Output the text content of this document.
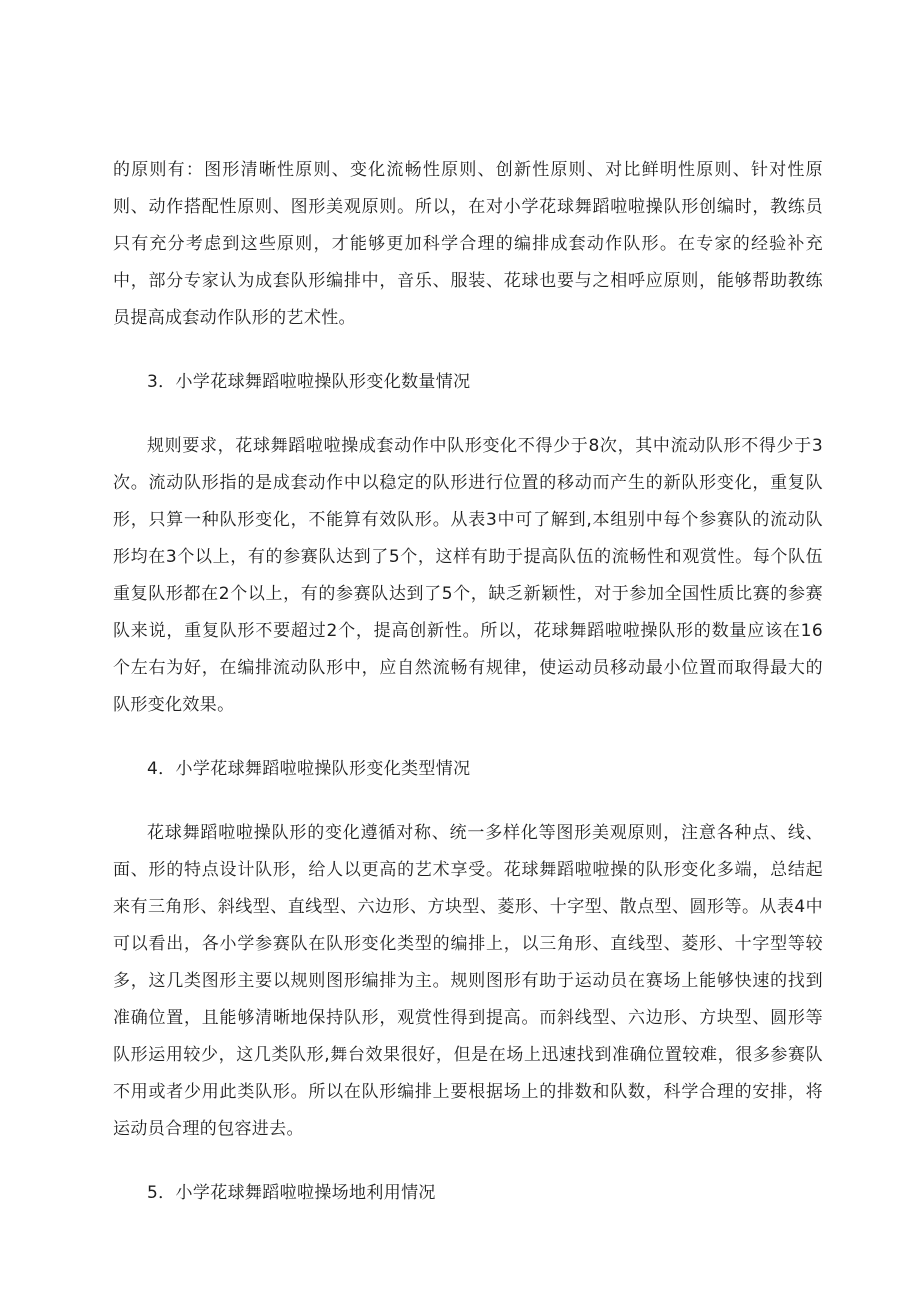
的原则有：图形清晰性原则、变化流畅性原则、创新性原则、对比鲜明性原则、针对性原则、动作搭配性原则、图形美观原则。所以，在对小学花球舞蹈啦啦操队形创编时，教练员只有充分考虑到这些原则，才能够更加科学合理的编排成套动作队形。在专家的经验补充中，部分专家认为成套队形编排中，音乐、服装、花球也要与之相呼应原则，能够帮助教练员提高成套动作队形的艺术性。

3．小学花球舞蹈啦啦操队形变化数量情况

规则要求，花球舞蹈啦啦操成套动作中队形变化不得少于8次，其中流动队形不得少于3次。流动队形指的是成套动作中以稳定的队形进行位置的移动而产生的新队形变化，重复队形，只算一种队形变化，不能算有效队形。从表3中可了解到,本组别中每个参赛队的流动队形均在3个以上，有的参赛队达到了5个，这样有助于提高队伍的流畅性和观赏性。每个队伍重复队形都在2个以上，有的参赛队达到了5个，缺乏新颖性，对于参加全国性质比赛的参赛队来说，重复队形不要超过2个，提高创新性。所以，花球舞蹈啦啦操队形的数量应该在16个左右为好，在编排流动队形中，应自然流畅有规律，使运动员移动最小位置而取得最大的队形变化效果。

4．小学花球舞蹈啦啦操队形变化类型情况

花球舞蹈啦啦操队形的变化遵循对称、统一多样化等图形美观原则，注意各种点、线、面、形的特点设计队形，给人以更高的艺术享受。花球舞蹈啦啦操的队形变化多端，总结起来有三角形、斜线型、直线型、六边形、方块型、菱形、十字型、散点型、圆形等。从表4中可以看出，各小学参赛队在队形变化类型的编排上，以三角形、直线型、菱形、十字型等较多，这几类图形主要以规则图形编排为主。规则图形有助于运动员在赛场上能够快速的找到准确位置，且能够清晰地保持队形，观赏性得到提高。而斜线型、六边形、方块型、圆形等队形运用较少，这几类队形,舞台效果很好，但是在场上迅速找到准确位置较难，很多参赛队不用或者少用此类队形。所以在队形编排上要根据场上的排数和队数，科学合理的安排，将运动员合理的包容进去。

5．小学花球舞蹈啦啦操场地利用情况
